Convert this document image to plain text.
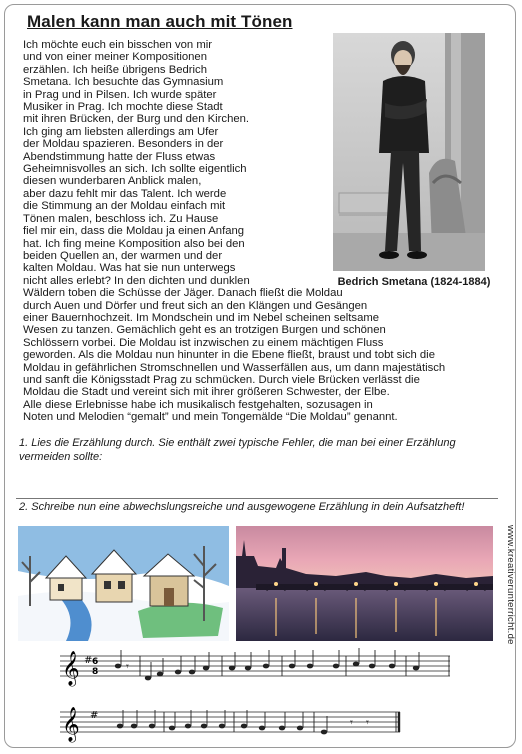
Malen kann man auch mit Tönen
Ich möchte euch ein bisschen von mir
und von einer meiner Kompositionen
erzählen. Ich heiße übrigens Bedrich
Smetana. Ich besuchte das Gymnasium
in Prag und in Pilsen. Ich wurde später
Musiker in Prag. Ich mochte diese Stadt
mit ihren Brücken, der Burg und den Kirchen.
Ich ging am liebsten allerdings am Ufer
der Moldau spazieren. Besonders in der
Abendstimmung hatte der Fluss etwas
Geheimnisvolles an sich. Ich sollte eigentlich
diesen wunderbaren Anblick malen,
aber dazu fehlt mir das Talent. Ich werde
die Stimmung an der Moldau einfach mit
Tönen malen, beschloss ich. Zu Hause
fiel mir ein, dass die Moldau ja einen Anfang
hat. Ich fing meine Komposition also bei den
beiden Quellen an, der warmen und der
kalten Moldau. Was hat sie nun unterwegs
nicht alles erlebt? In den dichten und dunklen
Wäldern toben die Schüsse der Jäger. Danach fließt die Moldau
durch Auen und Dörfer und freut sich an den Klängen und Gesängen
einer Bauernhochzeit. Im Mondschein und im Nebel scheinen seltsame
Wesen zu tanzen. Gemächlich geht es an trotzigen Burgen und schönen
Schlössern vorbei. Die Moldau ist inzwischen zu einem mächtigen Fluss
geworden. Als die Moldau nun hinunter in die Ebene fließt, braust und tobt sich die
Moldau in gefährlichen Stromschnellen und Wasserfällen aus, um dann majestätisch
und sanft die Königsstadt Prag zu schmücken. Durch viele Brücken verlässt die
Moldau die Stadt und vereint sich mit ihrer größeren Schwester, der Elbe.
Alle diese Erlebnisse habe ich musikalisch festgehalten, sozusagen in
Noten und Melodien “gemalt” und mein Tongemälde “Die Moldau” genannt.
Bedrich Smetana (1824-1884)
1. Lies die Erzählung durch. Sie enthält zwei typische Fehler, die man bei einer Erzählung
vermeiden sollte:
2. Schreibe nun eine abwechslungsreiche und ausgewogene Erzählung in dein Aufsatzheft!
www.kreativerunterricht.de
𝄞
𝄞
# 6
8
#
𝄾
𝄾 𝄾
